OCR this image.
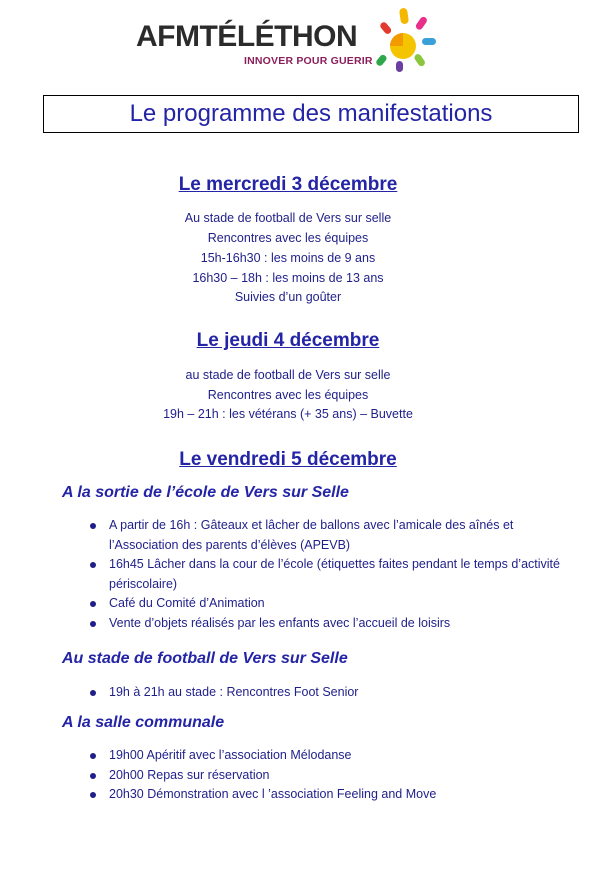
AFMTÉLÉTHON
INNOVER POUR GUERIR
Le programme des manifestations
Le mercredi 3 décembre
Au stade de football de Vers sur selle
Rencontres avec les équipes
15h-16h30 : les moins de 9 ans
16h30 – 18h : les moins de 13 ans
Suivies d’un goûter
Le jeudi 4 décembre
au stade de football de Vers sur selle
Rencontres avec les équipes
19h – 21h : les vétérans (+ 35 ans) – Buvette
Le vendredi 5 décembre
A la sortie de l’école de Vers sur Selle
A partir de 16h : Gâteaux et lâcher de ballons avec l’amicale des aînés et l’Association des parents d’élèves (APEVB)
16h45 Lâcher dans la cour de l’école (étiquettes faites pendant le temps d’activité périscolaire)
Café du Comité d’Animation
Vente d’objets réalisés par les enfants avec l’accueil de loisirs
Au stade de football de Vers sur Selle
19h à 21h au stade : Rencontres Foot Senior
A la salle communale
19h00 Apéritif avec l’association Mélodanse
20h00 Repas sur réservation
20h30 Démonstration avec l ’association Feeling and Move
